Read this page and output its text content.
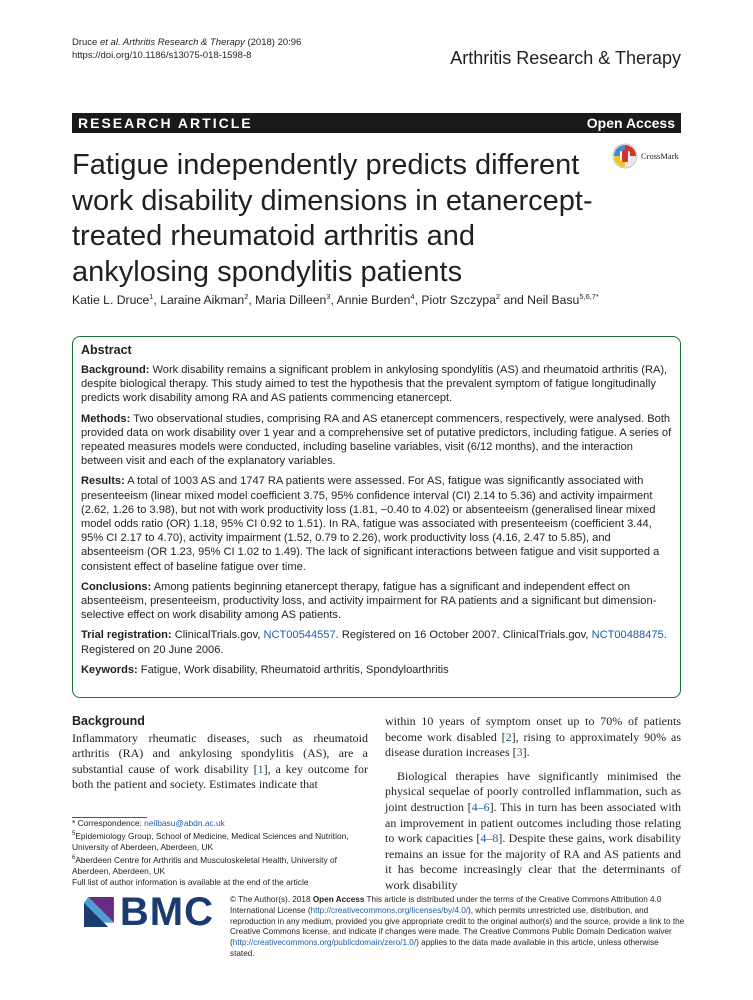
Druce et al. Arthritis Research & Therapy (2018) 20:96
https://doi.org/10.1186/s13075-018-1598-8	Arthritis Research & Therapy
RESEARCH ARTICLE	Open Access
Fatigue independently predicts different work disability dimensions in etanercept-treated rheumatoid arthritis and ankylosing spondylitis patients
CrossMark
Katie L. Druce$^1$, Laraine Aikman$^2$, Maria Dilleen$^3$, Annie Burden$^4$, Piotr Szczypa$^2$ and Neil Basu$^{5,6,7*}$
Abstract

Background: Work disability remains a significant problem in ankylosing spondylitis (AS) and rheumatoid arthritis (RA), despite biological therapy. This study aimed to test the hypothesis that the prevalent symptom of fatigue longitudinally predicts work disability among RA and AS patients commencing etanercept.

Methods: Two observational studies, comprising RA and AS etanercept commencers, respectively, were analysed. Both provided data on work disability over 1 year and a comprehensive set of putative predictors, including fatigue. A series of repeated measures models were conducted, including baseline variables, visit (6/12 months), and the interaction between visit and each of the explanatory variables.

Results: A total of 1003 AS and 1747 RA patients were assessed. For AS, fatigue was significantly associated with presenteeism (linear mixed model coefficient 3.75, 95% confidence interval (CI) 2.14 to 5.36) and activity impairment (2.62, 1.26 to 3.98), but not with work productivity loss (1.81, −0.40 to 4.02) or absenteeism (generalised linear mixed model odds ratio (OR) 1.18, 95% CI 0.92 to 1.51). In RA, fatigue was associated with presenteeism (coefficient 3.44, 95% CI 2.17 to 4.70), activity impairment (1.52, 0.79 to 2.26), work productivity loss (4.16, 2.47 to 5.85), and absenteeism (OR 1.23, 95% CI 1.02 to 1.49). The lack of significant interactions between fatigue and visit supported a consistent effect of baseline fatigue over time.

Conclusions: Among patients beginning etanercept therapy, fatigue has a significant and independent effect on absenteeism, presenteeism, productivity loss, and activity impairment for RA patients and a significant but dimension-selective effect on work disability among AS patients.

Trial registration: ClinicalTrials.gov, NCT00544557. Registered on 16 October 2007. ClinicalTrials.gov, NCT00488475. Registered on 20 June 2006.

Keywords: Fatigue, Work disability, Rheumatoid arthritis, Spondyloarthritis

Background

Inflammatory rheumatic diseases, such as rheumatoid arthritis (RA) and ankylosing spondylitis (AS), are a substantial cause of work disability [1], a key outcome for both the patient and society. Estimates indicate that

within 10 years of symptom onset up to 70% of patients become work disabled [2], rising to approximately 90% as disease duration increases [3].

Biological therapies have significantly minimised the physical sequelae of poorly controlled inflammation, such as joint destruction [4–6]. This in turn has been associated with an improvement in patient outcomes including those relating to work capacities [4–8]. Despite these gains, work disability remains an issue for the majority of RA and AS patients and it has become increasingly clear that the determinants of work disability

* Correspondence: neilbasu@abdn.ac.uk

$^5$Epidemiology Group, School of Medicine, Medical Sciences and Nutrition, University of Aberdeen, Aberdeen, UK

$^6$Aberdeen Centre for Arthritis and Musculoskeletal Health, University of Aberdeen, Aberdeen, UK

Full list of author information is available at the end of the article

BMC © The Author(s). 2018 Open Access This article is distributed under the terms of the Creative Commons Attribution 4.0 International License (http://creativecommons.org/licenses/by/4.0/), which permits unrestricted use, distribution, and reproduction in any medium, provided you give appropriate credit to the original author(s) and the source, provide a link to the Creative Commons license, and indicate if changes were made. The Creative Commons Public Domain Dedication waiver (http://creativecommons.org/publicdomain/zero/1.0/) applies to the data made available in this article, unless otherwise stated.
